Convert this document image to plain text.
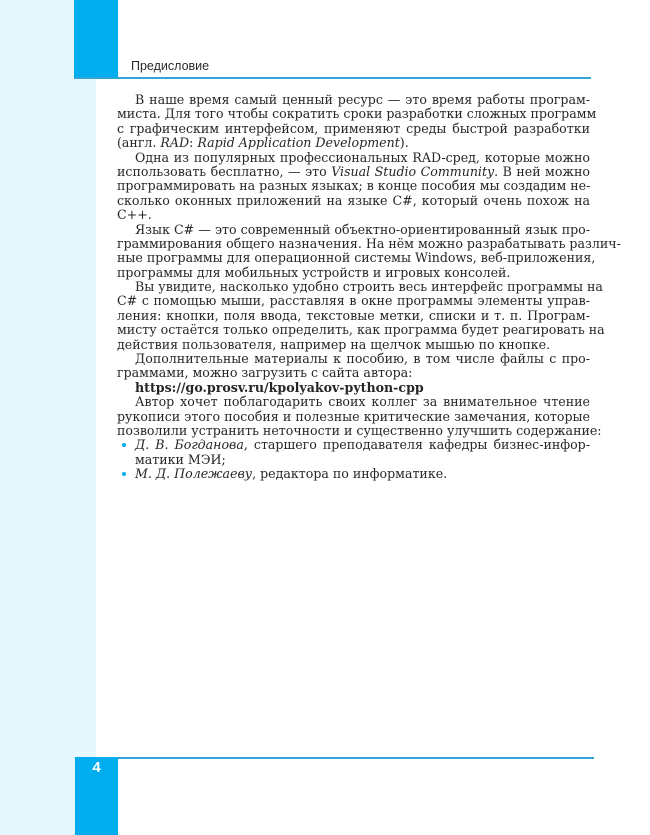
Предисловие
В наше время самый ценный ресурс — это время работы програм-
миста. Для того чтобы сократить сроки разработки сложных программ
с графическим интерфейсом, применяют среды быстрой разработки
(англ. RAD: Rapid Application Development).
Одна из популярных профессиональных RAD-сред, которые можно
использовать бесплатно, — это Visual Studio Community. В ней можно
программировать на разных языках; в конце пособия мы создадим не-
сколько оконных приложений на языке C#, который очень похож на
C++.
Язык C# — это современный объектно-ориентированный язык про-
граммирования общего назначения. На нём можно разрабатывать различ-
ные программы для операционной системы Windows, веб-приложения,
программы для мобильных устройств и игровых консолей.
Вы увидите, насколько удобно строить весь интерфейс программы на
C# с помощью мыши, расставляя в окне программы элементы управ-
ления: кнопки, поля ввода, текстовые метки, списки и т. п. Програм-
мисту остаётся только определить, как программа будет реагировать на
действия пользователя, например на щелчок мышью по кнопке.
Дополнительные материалы к пособию, в том числе файлы с про-
граммами, можно загрузить с сайта автора:
https://go.prosv.ru/kpolyakov-python-cpp
Автор хочет поблагодарить своих коллег за внимательное чтение
рукописи этого пособия и полезные критические замечания, которые
позволили устранить неточности и существенно улучшить содержание:
Д. В. Богданова, старшего преподавателя кафедры бизнес-инфор-
матики МЭИ;
М. Д. Полежаеву, редактора по информатике.
4
